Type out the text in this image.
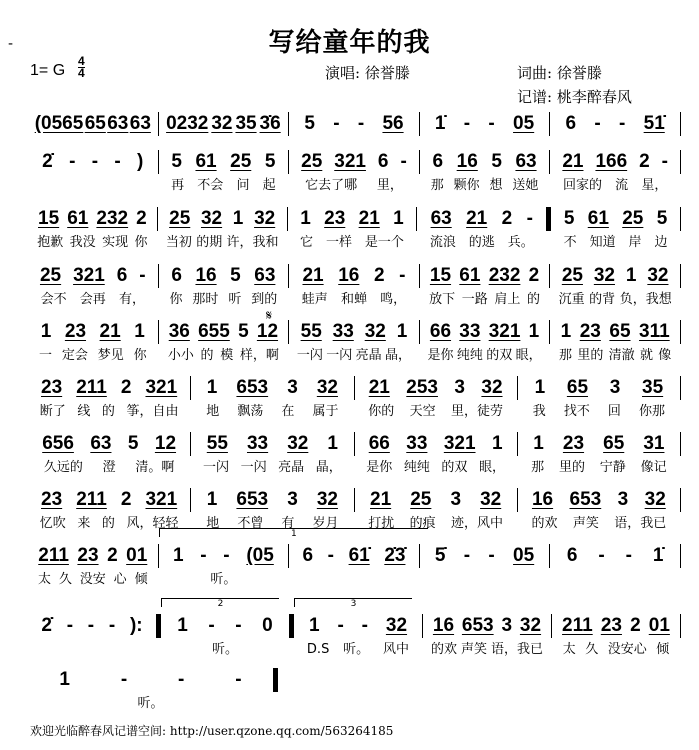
-	写给童年的我
1= G
4
4	演唱: 徐誉滕	词曲: 徐誉滕
记谱: 桃李醉春风
𝄋
(0565 65 63 63 0232 32 35 3̇6 5 - - 56 1̇ - - 05 6 - - 51̇
2̇ - - - ) 5 61 25 5
再 不会 问 起
25 321 6 -
它去了哪 里，
6 16 5 63
那 颗你 想 送她
21 166 2 -
回家的 流 星，
15 61 232 2
抱歉 我没 实现 你
25 32 1 32
当初 的期 许，我和
1 23 21 1
它 一样 是一个
63 21 2 -
流浪 的逃 兵。
5 61 25 5
不 知道 岸 边
25 321 6 -
会不 会再 有，
6 16 5 63
你 那时 听 到的
21 16 2 -
蛙声 和蝉 鸣，
15 61 232 2
放下 一路 肩上 的
25 32 1 32
沉重 的背 负，我想
1 23 21 1
一 定会 梦见 你
36 655 5 12
小小 的 模 样，啊
55 33 32 1
一闪 一闪 亮晶 晶，
66 33 321 1
是你 纯纯 的双 眼，
1 23 65 311
那 里的 清澈 就 像
23 211 2 321
断了 线 的 筝，自由
1 653 3 32
地 飘荡 在 属于
21 253 3 32
你的 天空 里，徒劳
1 65 3 35
我 找不 回 你那
656 63 5 12
久远的 澄 清。啊
55 33 32 1
一闪 一闪 亮晶 晶，
66 33 321 1
是你 纯纯 的双 眼，
1 23 65 31
那 里的 宁静 像记
23 211 2 321
忆吹 来 的 风，轻轻
1 653 3 32
地 不曾 有 岁月
21 25 3 32
打扰 的痕 迹，风中
16 653 3 32
的欢 声笑 语，我已
211 23 2 01
太 久 没安 心 倾
1 - - (05
听。
1
6 - 61̇ 2̇3̇ 5̇ - - 05 6 - - 1̇
2̇ - - - ): 1 - - 0
听。
2
1 - - 32
D.S 听。 风中
3
16 653 3 32
的欢 声笑 语，我已
211 23 2 01
太 久 没安心 倾
1	-	-	-
听。
欢迎光临醉春风记谱空间: http://user.qzone.qq.com/563264185
